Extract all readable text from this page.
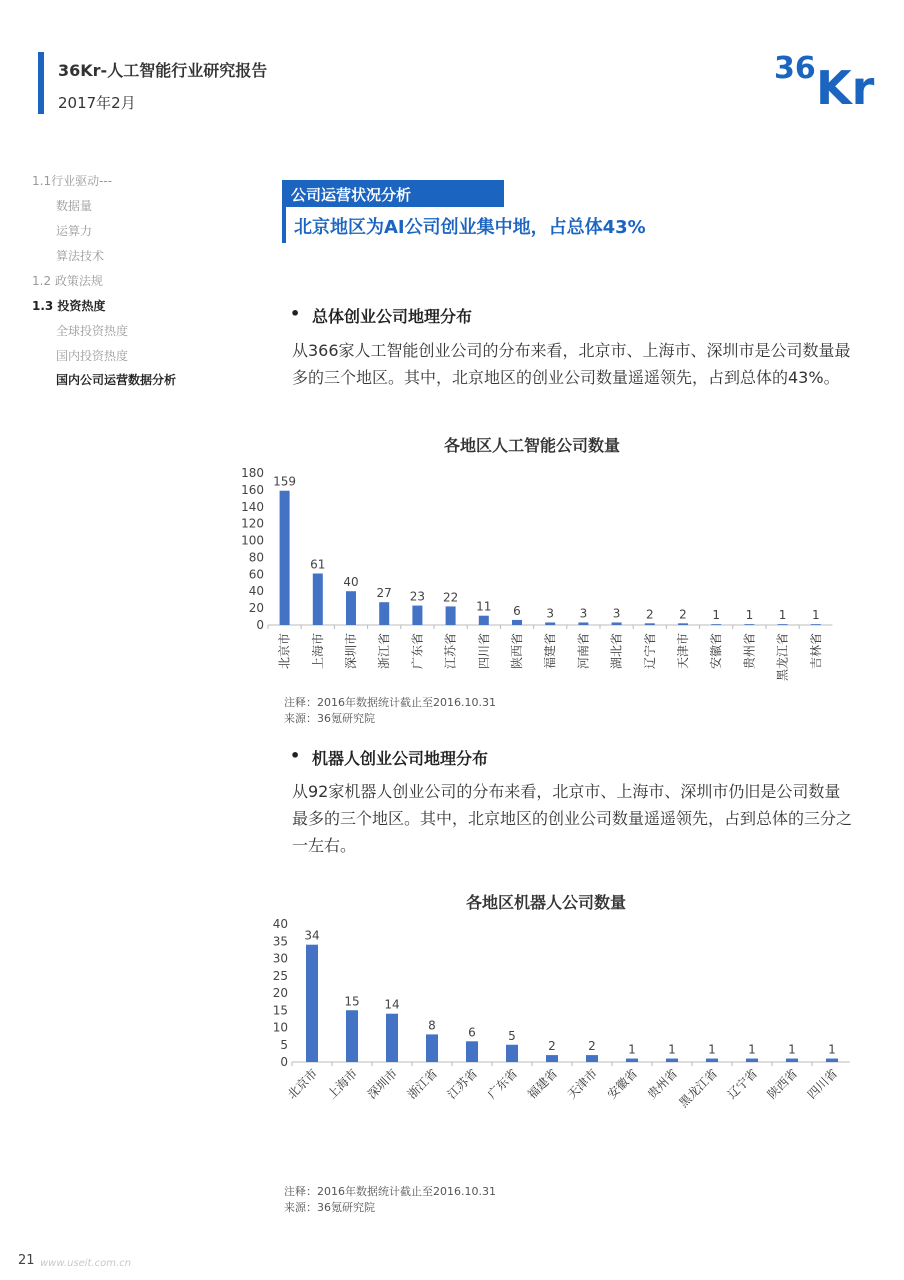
36Kr-人工智能行业研究报告
2017年2月
36 Kr
1.1行业驱动---
数据量
运算力
算法技术
1.2 政策法规
1.3 投资热度
全球投资热度
国内投资热度
国内公司运营数据分析
公司运营状况分析
北京地区为AI公司创业集中地，占总体43%
• 总体创业公司地理分布
从366家人工智能创业公司的分布来看，北京市、上海市、深圳市是公司数量最多的三个地区。其中，北京地区的创业公司数量遥遥领先，占到总体的43%。
各地区人工智能公司数量
0
20
40
60
80
100
120
140
160
180
159
北京市
61
上海市
40
深圳市
27
浙江省
23
广东省
22
江苏省
11
四川省
6
陕西省
3
福建省
3
河南省
3
湖北省
2
辽宁省
2
天津市
1
安徽省
1
贵州省
1
黑龙江省
1
吉林省
注释：2016年数据统计截止至2016.10.31
来源：36氪研究院
• 机器人创业公司地理分布
从92家机器人创业公司的分布来看，北京市、上海市、深圳市仍旧是公司数量最多的三个地区。其中，北京地区的创业公司数量遥遥领先，占到总体的三分之一左右。
各地区机器人公司数量
0
5
10
15
20
25
30
35
40
34
北京市
15
上海市
14
深圳市
8
浙江省
6
江苏省
5
广东省
2
福建省
2
天津市
1
安徽省
1
贵州省
1
黑龙江省
1
辽宁省
1
陕西省
1
四川省
注释：2016年数据统计截止至2016.10.31
来源：36氪研究院
21 www.useit.com.cn
